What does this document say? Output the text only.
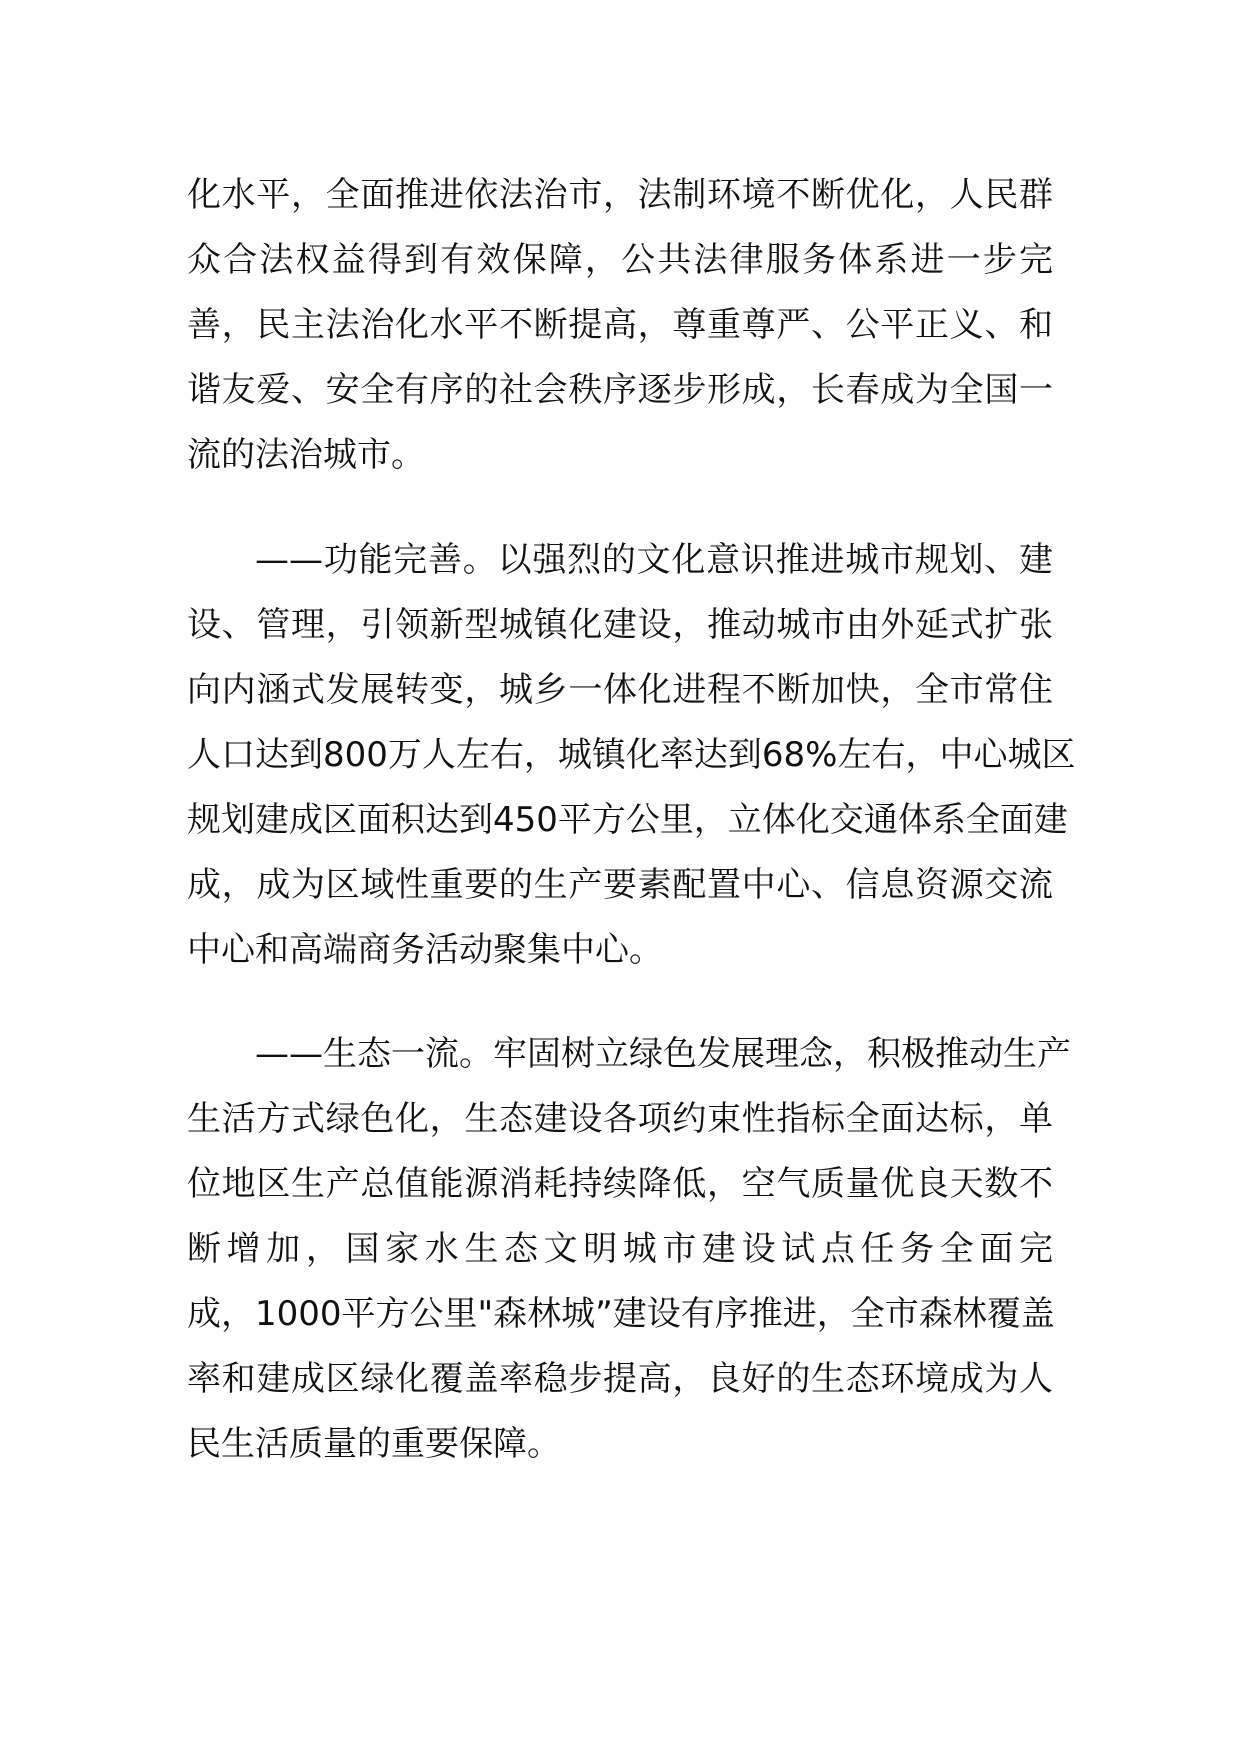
化水平，全面推进依法治市，法制环境不断优化，人民群
众合法权益得到有效保障，公共法律服务体系进一步完
善，民主法治化水平不断提高，尊重尊严、公平正义、和
谐友爱、安全有序的社会秩序逐步形成，长春成为全国一
流的法治城市。
——功能完善。以强烈的文化意识推进城市规划、建
设、管理，引领新型城镇化建设，推动城市由外延式扩张
向内涵式发展转变，城乡一体化进程不断加快，全市常住
人口达到800万人左右，城镇化率达到68%左右，中心城区
规划建成区面积达到450平方公里，立体化交通体系全面建
成，成为区域性重要的生产要素配置中心、信息资源交流
中心和高端商务活动聚集中心。
——生态一流。牢固树立绿色发展理念，积极推动生产
生活方式绿色化，生态建设各项约束性指标全面达标，单
位地区生产总值能源消耗持续降低，空气质量优良天数不
断增加，国家水生态文明城市建设试点任务全面完
成，1000平方公里"森林城”建设有序推进，全市森林覆盖
率和建成区绿化覆盖率稳步提高，良好的生态环境成为人
民生活质量的重要保障。
